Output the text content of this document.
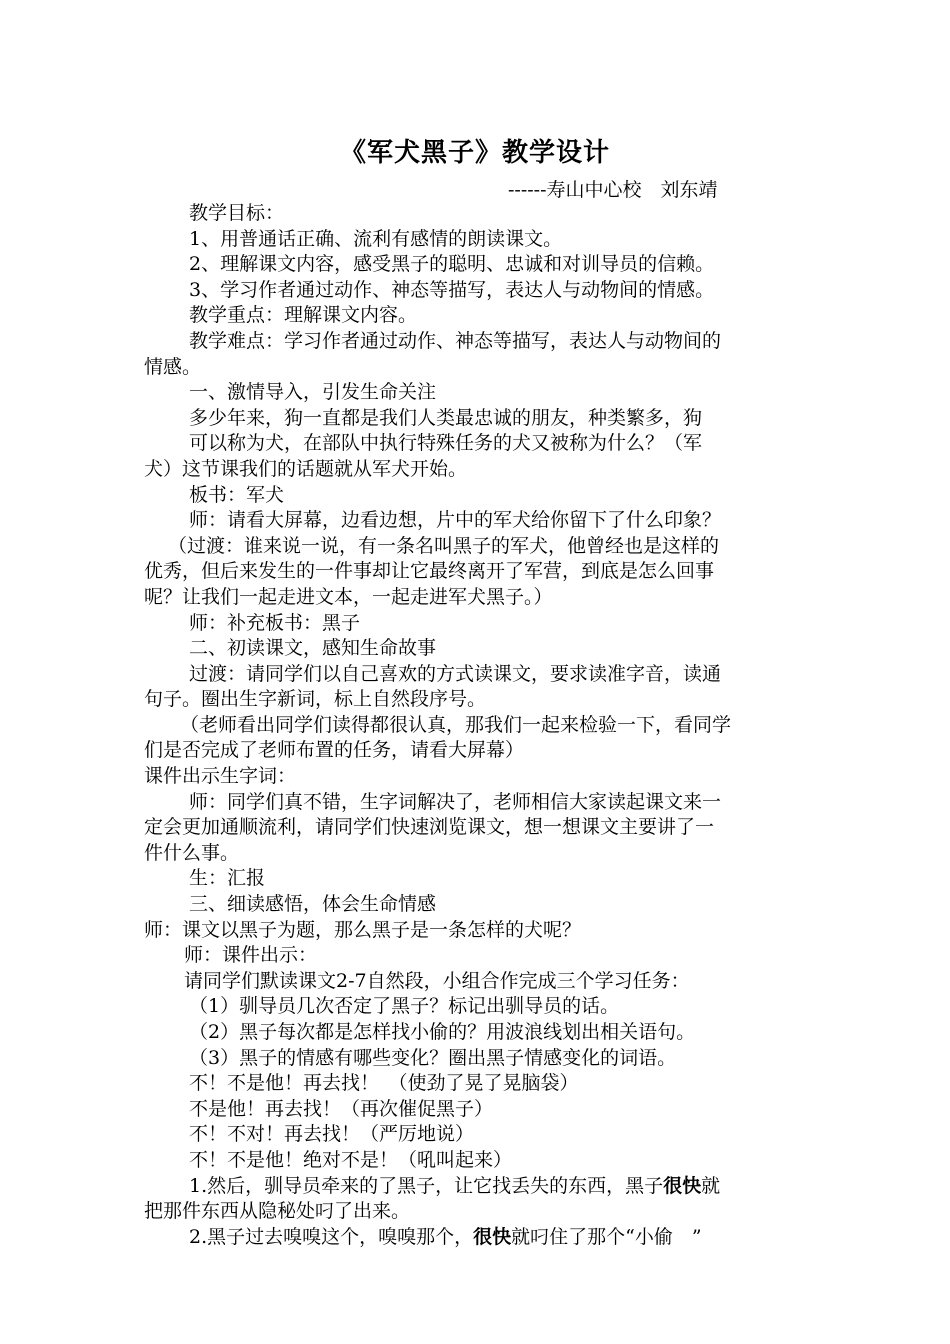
《军犬黑子》教学设计
------寿山中心校　刘东靖
教学目标：
1、用普通话正确、流利有感情的朗读课文。
2、理解课文内容，感受黑子的聪明、忠诚和对训导员的信赖。
3、学习作者通过动作、神态等描写，表达人与动物间的情感。
教学重点：理解课文内容。
教学难点：学习作者通过动作、神态等描写，表达人与动物间的
情感。
一、激情导入，引发生命关注
多少年来，狗一直都是我们人类最忠诚的朋友，种类繁多，狗
可以称为犬，在部队中执行特殊任务的犬又被称为什么？（军
犬）这节课我们的话题就从军犬开始。
板书：军犬
师：请看大屏幕，边看边想，片中的军犬给你留下了什么印象？
（过渡：谁来说一说，有一条名叫黑子的军犬，他曾经也是这样的
优秀，但后来发生的一件事却让它最终离开了军营，到底是怎么回事
呢？让我们一起走进文本，一起走进军犬黑子。）
师：补充板书：黑子
二、初读课文，感知生命故事
过渡：请同学们以自己喜欢的方式读课文，要求读准字音，读通
句子。圈出生字新词，标上自然段序号。
（老师看出同学们读得都很认真，那我们一起来检验一下，看同学
们是否完成了老师布置的任务，请看大屏幕）
课件出示生字词：
师：同学们真不错，生字词解决了，老师相信大家读起课文来一
定会更加通顺流利，请同学们快速浏览课文，想一想课文主要讲了一
件什么事。
生：汇报
三、细读感悟，体会生命情感
师：课文以黑子为题，那么黑子是一条怎样的犬呢？
师：课件出示：
请同学们默读课文2-7自然段，小组合作完成三个学习任务：
（1）驯导员几次否定了黑子？标记出驯导员的话。
（2）黑子每次都是怎样找小偷的？用波浪线划出相关语句。
（3）黑子的情感有哪些变化？圈出黑子情感变化的词语。
不！不是他！再去找！　（使劲了晃了晃脑袋）
不是他！再去找！（再次催促黑子）
不！不对！再去找！（严厉地说）
不！不是他！绝对不是！（吼叫起来）
1.然后，驯导员牵来的了黑子，让它找丢失的东西，黑子很快就
把那件东西从隐秘处叼了出来。
2.黑子过去嗅嗅这个，嗅嗅那个，很快就叼住了那个“小偷　”
